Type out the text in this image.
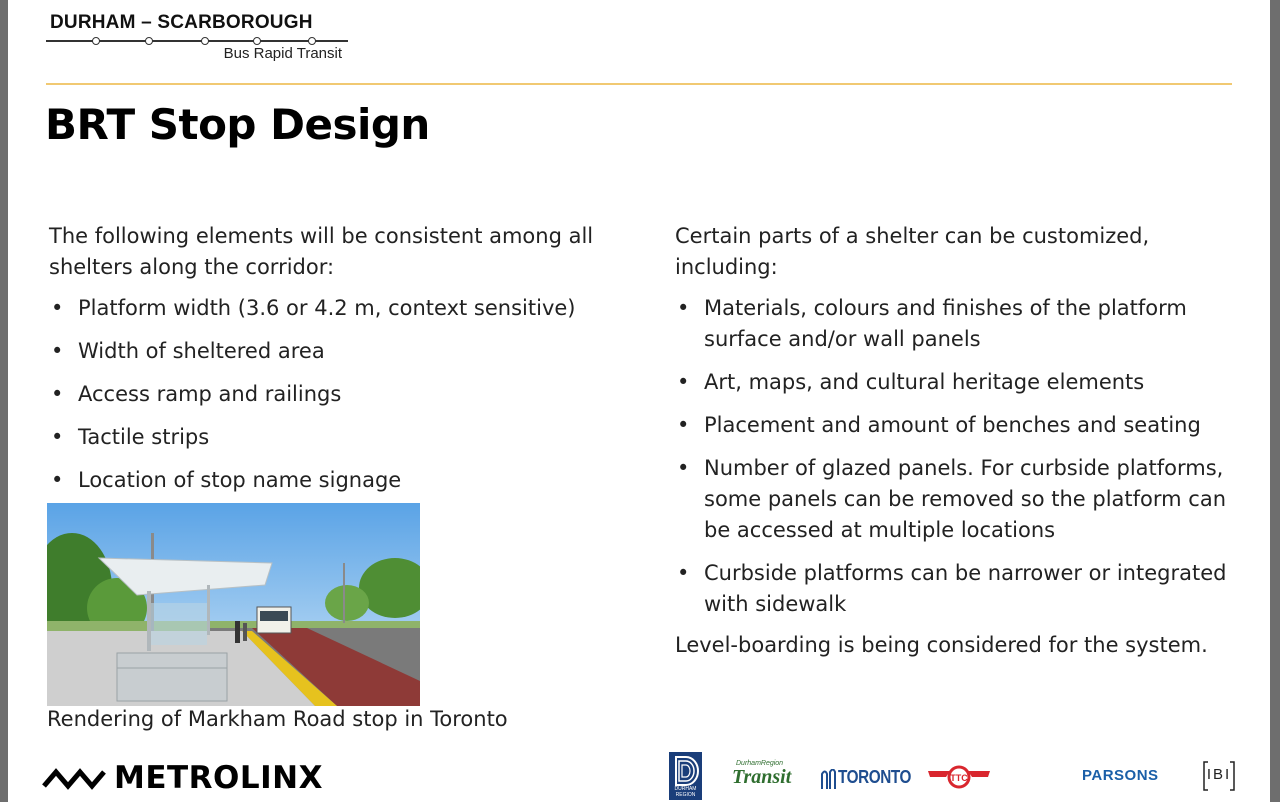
DURHAM – SCARBOROUGH
Bus Rapid Transit
BRT Stop Design

The following elements will be consistent among all shelters along the corridor:

• Platform width (3.6 or 4.2 m, context sensitive)
• Width of sheltered area
• Access ramp and railings
• Tactile strips
• Location of stop name signage
Rendering of Markham Road stop in Toronto

Certain parts of a shelter can be customized, including:

• Materials, colours and finishes of the platform surface and/or wall panels
• Art, maps, and cultural heritage elements
• Placement and amount of benches and seating
• Number of glazed panels. For curbside platforms, some panels can be removed so the platform can be accessed at multiple locations
• Curbside platforms can be narrower or integrated with sidewalk

Level-boarding is being considered for the system.

METROLINX	DURHAM REGION
DurhamRegion
Transit	TORONTO	TTC	PARSONS	IBI
